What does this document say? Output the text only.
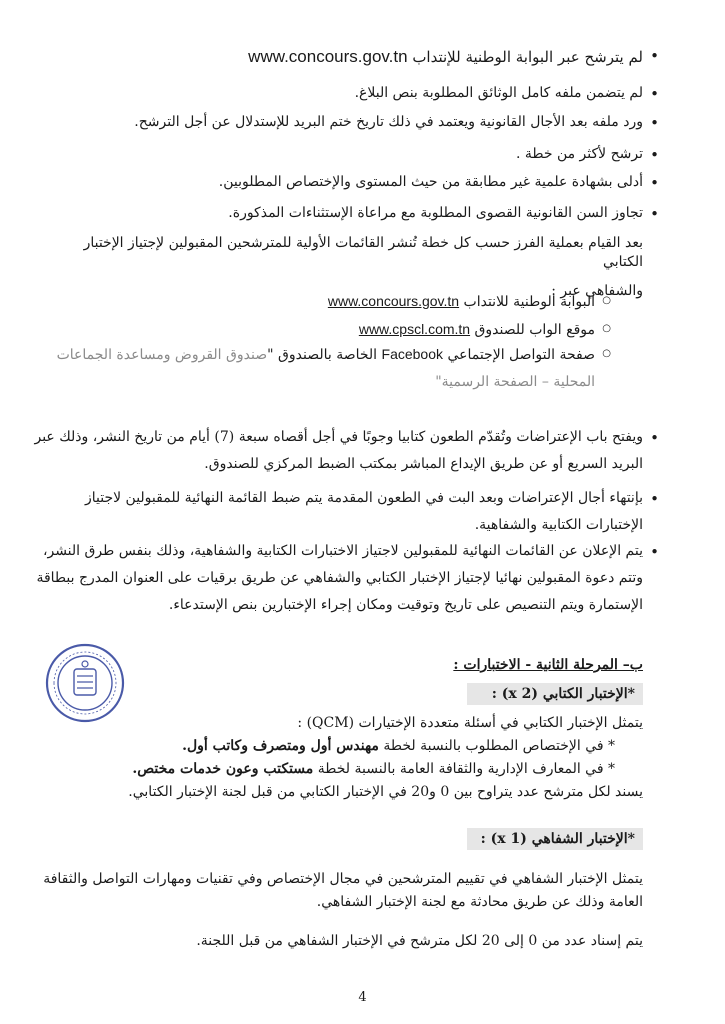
• لم يترشح عبر البوابة الوطنية للإنتداب www.concours.gov.tn
• لم يتضمن ملفه كامل الوثائق المطلوبة بنص البلاغ.
• ورد ملفه بعد الأجال القانونية ويعتمد في ذلك تاريخ ختم البريد للإستدلال عن أجل الترشح.
• ترشح لأكثر من خطة .
• أدلى بشهادة علمية غير مطابقة من حيث المستوى والإختصاص المطلوبين.
• تجاوز السن القانونية القصوى المطلوبة مع مراعاة الإستثناءات المذكورة.
بعد القيام بعملية الفرز حسب كل خطة تُنشر القائمات الأولية للمترشحين المقبولين لإجتياز الإختبار الكتابي
والشفاهي عبر :
○ البوابة الوطنية للانتداب www.concours.gov.tn
○ موقع الواب للصندوق www.cpscl.com.tn
○ صفحة التواصل الإجتماعي Facebook الخاصة بالصندوق "صندوق القروض ومساعدة الجماعات
المحلية – الصفحة الرسمية"
• ويفتح باب الإعتراضات وتُقدّم الطعون كتابيا وجوبًا في أجل أقصاه سبعة (7) أيام من تاريخ النشر، وذلك عبر
البريد السريع أو عن طريق الإيداع المباشر بمكتب الضبط المركزي للصندوق.
• بإنتهاء أجال الإعتراضات وبعد البت في الطعون المقدمة يتم ضبط القائمة النهائية للمقبولين لاجتياز
الإختبارات الكتابية والشفاهية.
• يتم الإعلان عن القائمات النهائية للمقبولين لاجتياز الاختبارات الكتابية والشفاهية، وذلك بنفس طرق النشر،
وتتم دعوة المقبولين نهائيا لإجتياز الإختبار الكتابي والشفاهي عن طريق برقيات على العنوان المدرج ببطاقة
الإستمارة ويتم التنصيص على تاريخ وتوقيت ومكان إجراء الإختبارين بنص الإستدعاء.
ب– المرحلة الثانية - الاختبارات :
*الإختبار الكتابي (x 2) :
يتمثل الإختبار الكتابي في أسئلة متعددة الإختيارات (QCM) :
* في الإختصاص المطلوب بالنسبة لخطة مهندس أول ومتصرف وكاتب أول.
* في المعارف الإدارية والثقافة العامة بالنسبة لخطة مستكتب وعون خدمات مختص.
يسند لكل مترشح عدد يتراوح بين 0 و20 في الإختبار الكتابي من قبل لجنة الإختبار الكتابي.
*الإختبار الشفاهي (x 1) :
يتمثل الإختبار الشفاهي في تقييم المترشحين في مجال الإختصاص وفي تقنيات ومهارات التواصل والثقافة
العامة وذلك عن طريق محادثة مع لجنة الإختبار الشفاهي.
يتم إسناد عدد من 0 إلى 20 لكل مترشح في الإختبار الشفاهي من قبل اللجنة.
4
